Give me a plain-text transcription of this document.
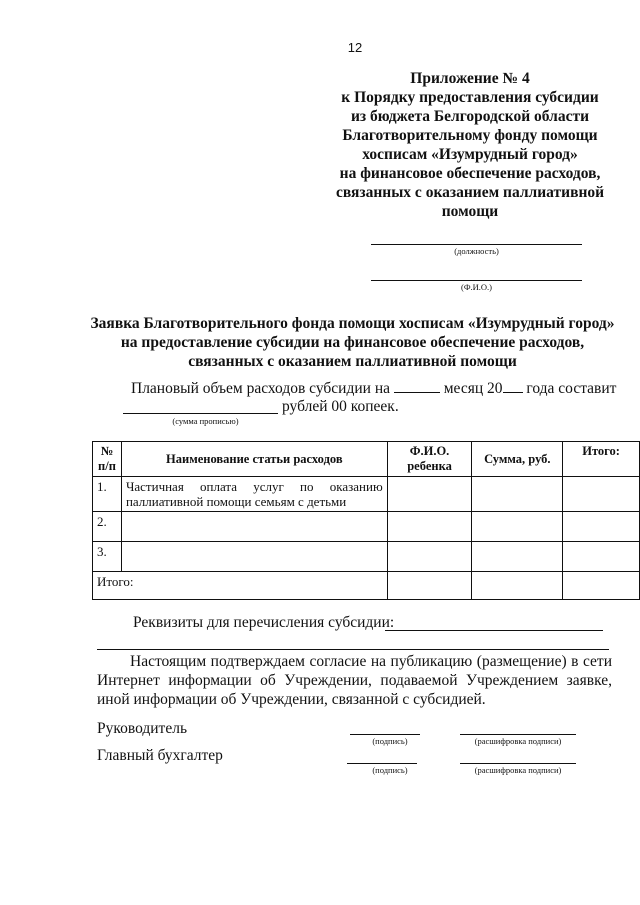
12
Приложение № 4
к Порядку предоставления субсидии
из бюджета Белгородской области
Благотворительному фонду помощи
хосписам «Изумрудный город»
на финансовое обеспечение расходов,
связанных с оказанием паллиативной
помощи
(должность)
(Ф.И.О.)
Заявка Благотворительного фонда помощи хосписам «Изумрудный город»
на предоставление субсидии на финансовое обеспечение расходов,
связанных с оказанием паллиативной помощи
Плановый объем расходов субсидии на	месяц 20 года составит
рублей 00 копеек.
(сумма прописью)
№ п/п	Наименование статьи расходов	Ф.И.О. ребенка	Сумма, руб.	Итого:
1.	Частичная оплата услуг по оказанию
паллиативной помощи семьям с детьми			

2.				
3.				
Итого:				
Реквизиты для перечисления субсидии:
Настоящим подтверждаем согласие на публикацию (размещение) в сети Интернет информации об Учреждении, подаваемой Учреждением заявке, иной информации об Учреждении, связанной с субсидией.
Руководитель
(подпись)	(расшифровка подписи)
Главный бухгалтер
(подпись)	(расшифровка подписи)
